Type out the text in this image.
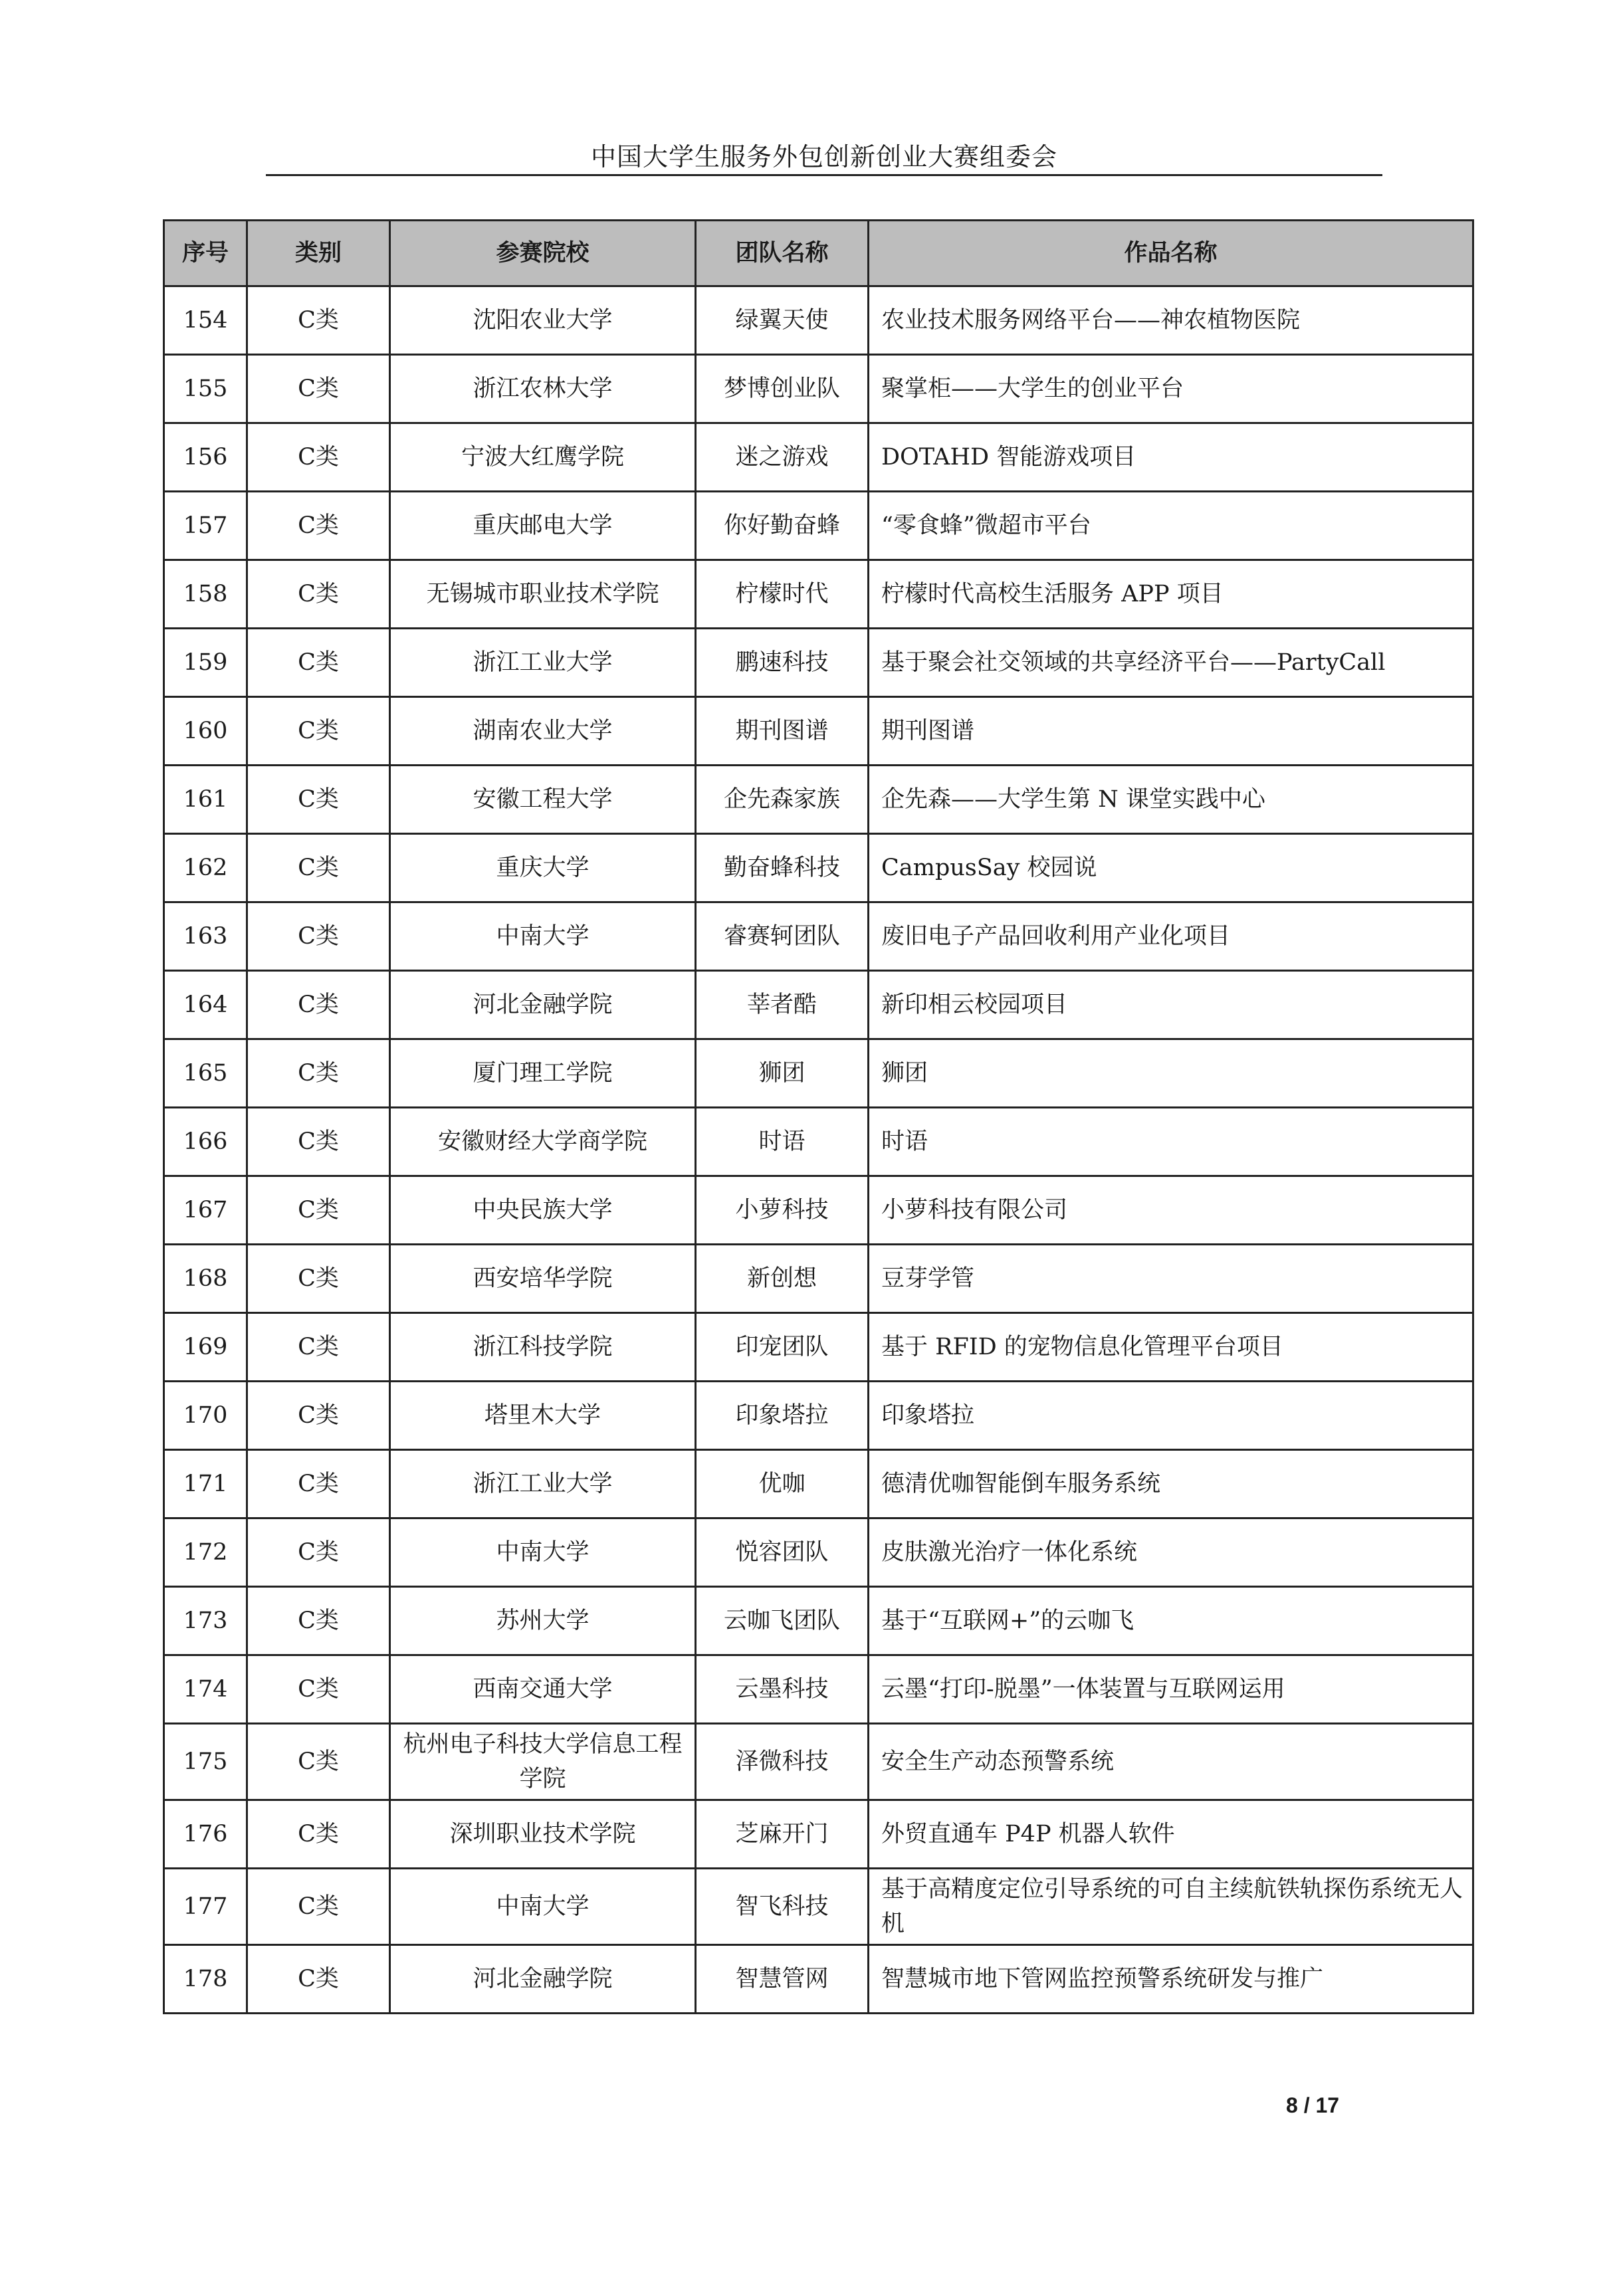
中国大学生服务外包创新创业大赛组委会
序号	类别	参赛院校	团队名称	作品名称
154	C类	沈阳农业大学	绿翼天使	农业技术服务网络平台——神农植物医院
155	C类	浙江农林大学	梦博创业队	聚掌柜——大学生的创业平台
156	C类	宁波大红鹰学院	迷之游戏	DOTAHD 智能游戏项目
157	C类	重庆邮电大学	你好勤奋蜂	“零食蜂”微超市平台
158	C类	无锡城市职业技术学院	柠檬时代	柠檬时代高校生活服务 APP 项目
159	C类	浙江工业大学	鹏速科技	基于聚会社交领域的共享经济平台——PartyCall
160	C类	湖南农业大学	期刊图谱	期刊图谱
161	C类	安徽工程大学	企先森家族	企先森——大学生第 N 课堂实践中心
162	C类	重庆大学	勤奋蜂科技	CampusSay 校园说
163	C类	中南大学	睿赛轲团队	废旧电子产品回收利用产业化项目
164	C类	河北金融学院	莘者酷	新印相云校园项目
165	C类	厦门理工学院	狮团	狮团
166	C类	安徽财经大学商学院	时语	时语
167	C类	中央民族大学	小萝科技	小萝科技有限公司
168	C类	西安培华学院	新创想	豆芽学管
169	C类	浙江科技学院	印宠团队	基于 RFID 的宠物信息化管理平台项目
170	C类	塔里木大学	印象塔拉	印象塔拉
171	C类	浙江工业大学	优咖	德清优咖智能倒车服务系统
172	C类	中南大学	悦容团队	皮肤激光治疗一体化系统
173	C类	苏州大学	云咖飞团队	基于“互联网+”的云咖飞
174	C类	西南交通大学	云墨科技	云墨“打印-脱墨”一体装置与互联网运用
175	C类	杭州电子科技大学信息工程学院	泽微科技	安全生产动态预警系统
176	C类	深圳职业技术学院	芝麻开门	外贸直通车 P4P 机器人软件
177	C类	中南大学	智飞科技	基于高精度定位引导系统的可自主续航铁轨探伤系统无人机
178	C类	河北金融学院	智慧管网	智慧城市地下管网监控预警系统研发与推广
8 / 17
